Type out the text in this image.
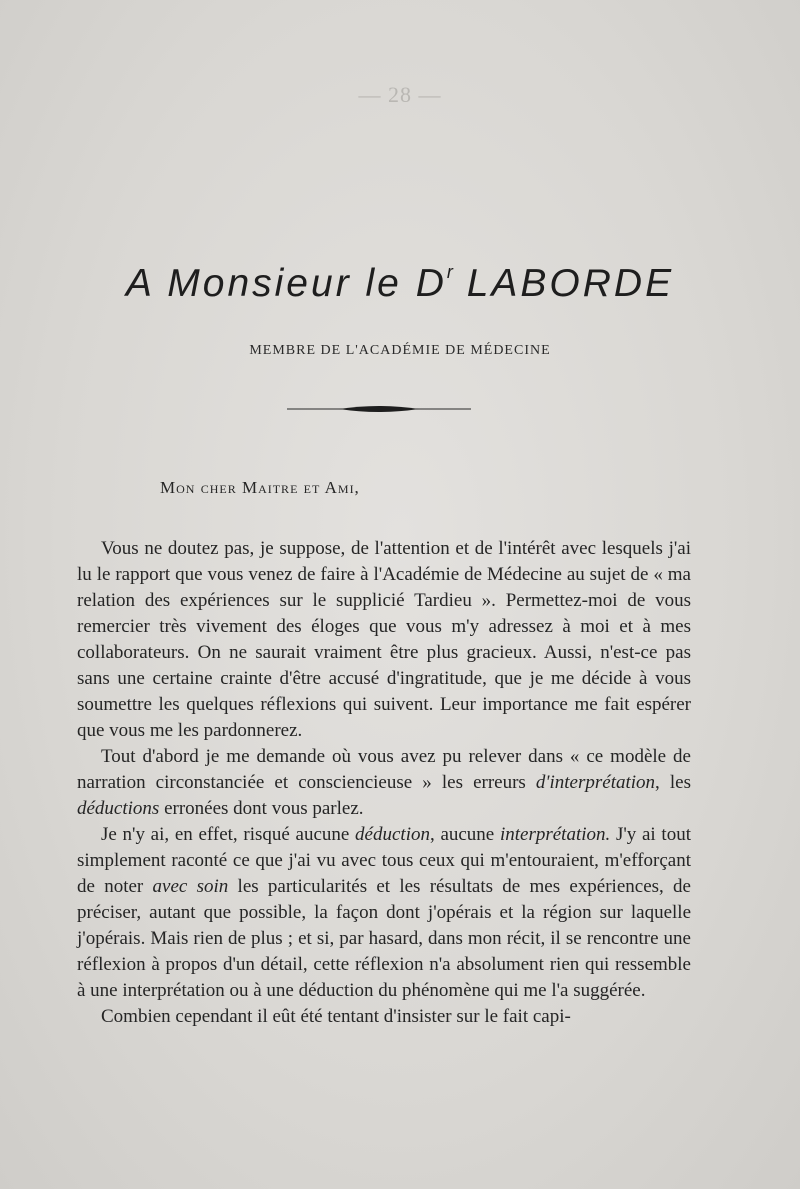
— 28 —
A Monsieur le $D^r$ LABORDE
MEMBRE DE L'ACADÉMIE DE MÉDECINE
Mon cher Maitre et Ami,

Vous ne doutez pas, je suppose, de l'attention et de l'intérêt avec lesquels j'ai lu le rapport que vous venez de faire à l'Académie de Médecine au sujet de « ma relation des expériences sur le supplicié Tardieu ». Permettez-moi de vous remercier très vivement des éloges que vous m'y adressez à moi et à mes collaborateurs. On ne saurait vraiment être plus gracieux. Aussi, n'est-ce pas sans une certaine crainte d'être accusé d'ingratitude, que je me décide à vous soumettre les quelques réflexions qui suivent. Leur importance me fait espérer que vous me les pardonnerez.

Tout d'abord je me demande où vous avez pu relever dans « ce modèle de narration circonstanciée et consciencieuse » les erreurs d'interprétation, les déductions erronées dont vous parlez.

Je n'y ai, en effet, risqué aucune déduction, aucune interprétation. J'y ai tout simplement raconté ce que j'ai vu avec tous ceux qui m'entouraient, m'efforçant de noter avec soin les particularités et les résultats de mes expériences, de préciser, autant que possible, la façon dont j'opérais et la région sur laquelle j'opérais. Mais rien de plus ; et si, par hasard, dans mon récit, il se rencontre une réflexion à propos d'un détail, cette réflexion n'a absolument rien qui ressemble à une interprétation ou à une déduction du phénomène qui me l'a suggérée.

Combien cependant il eût été tentant d'insister sur le fait capi-
